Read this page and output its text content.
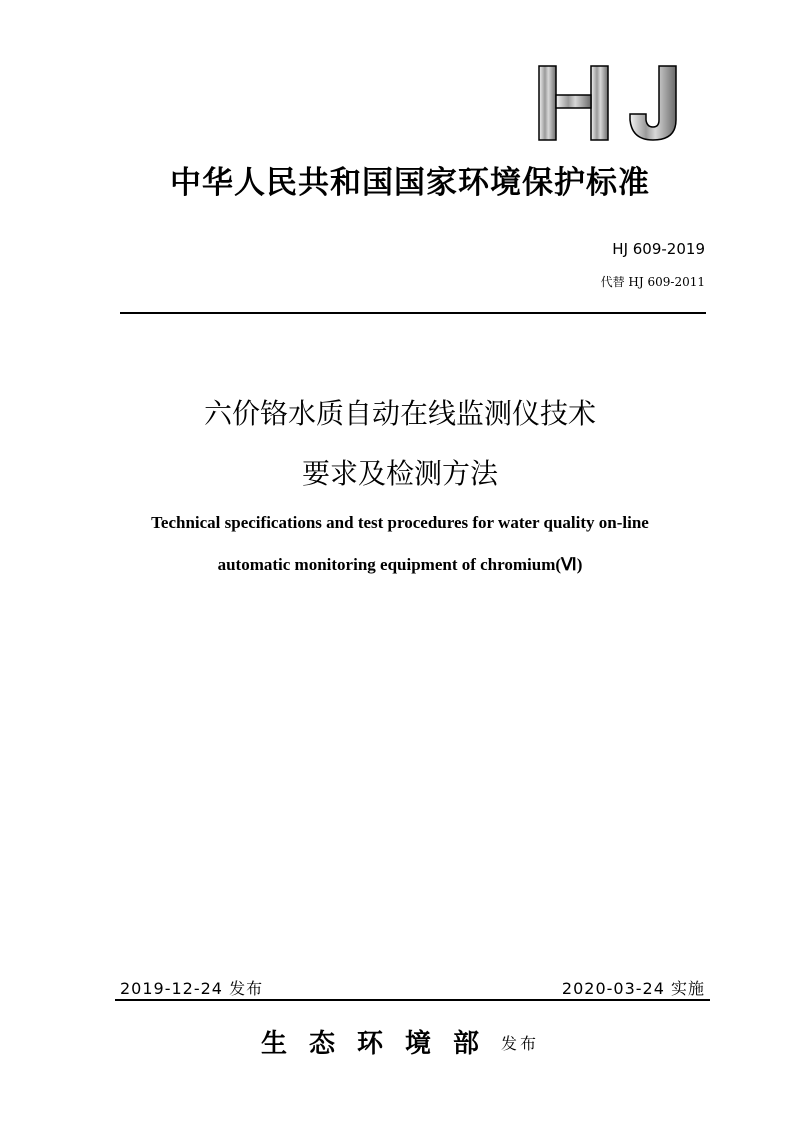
中华人民共和国国家环境保护标准
HJ 609-2019
代替 HJ 609-2011
六价铬水质自动在线监测仪技术
要求及检测方法
Technical specifications and test procedures for water quality on-line
automatic monitoring equipment of chromium(Ⅵ)
2019-12-24 发布	2020-03-24 实施
生态环境部发布
